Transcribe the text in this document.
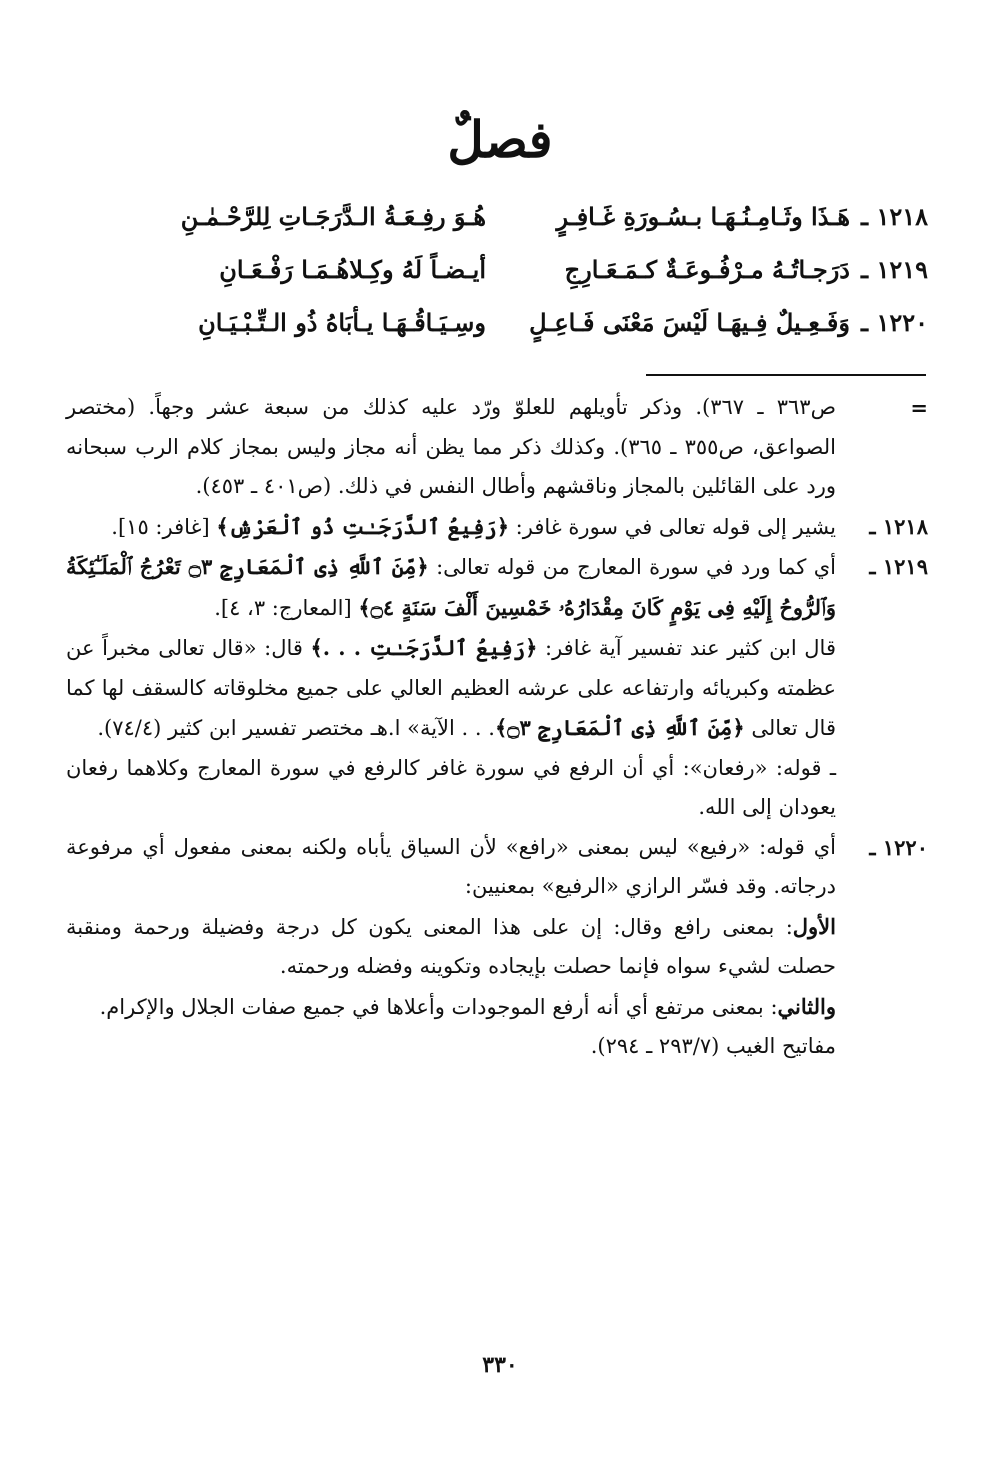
فصلٌ
١٢١٨ ـ
هَـذَا وثَـامِـنُـهَـا بـسُـورَةِ غَـافِـرٍ
هُـوَ رفِـعَـةُ الـدَّرَجَـاتِ لِلرَّحْـمٰـنِ
١٢١٩ ـ
دَرَجـاتُـهُ مـرْفُـوعَـةٌ كـمَـعَـارِجِ
أيـضـاً لَهُ وكِـلاهُـمَـا رَفْـعَـانِ
١٢٢٠ ـ
وَفَـعِـيلٌ فِـيهَـا لَيْسَ مَعْنَى فَـاعِـلٍ
وسِـيَـاقُـهَـا يـأبَاهُ ذُو الـتِّـبْـيَـانِ
=
ص٣٦٣ ـ ٣٦٧). وذكر تأويلهم للعلوّ ورّد عليه كذلك من سبعة عشر وجهاً. (مختصر الصواعق، ص٣٥٥ ـ ٣٦٥). وكذلك ذكر مما يظن أنه مجاز وليس بمجاز كلام الرب سبحانه ورد على القائلين بالمجاز وناقشهم وأطال النفس في ذلك. (ص٤٠١ ـ ٤٥٣).
١٢١٨ ـ
يشير إلى قوله تعالى في سورة غافر: ﴿رَفِيعُ ٱلدَّرَجَـٰتِ ذُو ٱلْعَرْشِ﴾ [غافر: ١٥].
١٢١٩ ـ
أي كما ورد في سورة المعارج من قوله تعالى: ﴿مِّنَ ٱللَّهِ ذِى ٱلْمَعَارِجِ ۝٣ تَعْرُجُ ٱلْمَلَـٰٓئِكَةُ وَٱلرُّوحُ إِلَيْهِ فِى يَوْمٍ كَانَ مِقْدَارُهُۥ خَمْسِينَ أَلْفَ سَنَةٍ ۝٤﴾ [المعارج: ٣، ٤].
قال ابن كثير عند تفسير آية غافر: ﴿رَفِيعُ ٱلدَّرَجَـٰتِ . . .﴾ قال: «قال تعالى مخبراً عن عظمته وكبريائه وارتفاعه على عرشه العظيم العالي على جميع مخلوقاته كالسقف لها كما قال تعالى ﴿مِّنَ ٱللَّهِ ذِى ٱلْمَعَارِجِ ۝٣﴾. . . الآية» ا.هـ مختصر تفسير ابن كثير (٧٤/٤).
ـ قوله: «رفعان»: أي أن الرفع في سورة غافر كالرفع في سورة المعارج وكلاهما رفعان يعودان إلى الله.
١٢٢٠ ـ
أي قوله: «رفيع» ليس بمعنى «رافع» لأن السياق يأباه ولكنه بمعنى مفعول أي مرفوعة درجاته. وقد فسّر الرازي «الرفيع» بمعنيين:
الأول: بمعنى رافع وقال: إن على هذا المعنى يكون كل درجة وفضيلة ورحمة ومنقبة حصلت لشيء سواه فإنما حصلت بإيجاده وتكوينه وفضله ورحمته.
والثاني: بمعنى مرتفع أي أنه أرفع الموجودات وأعلاها في جميع صفات الجلال والإكرام.
مفاتيح الغيب (٢٩٣/٧ ـ ٢٩٤).
٣٣٠
